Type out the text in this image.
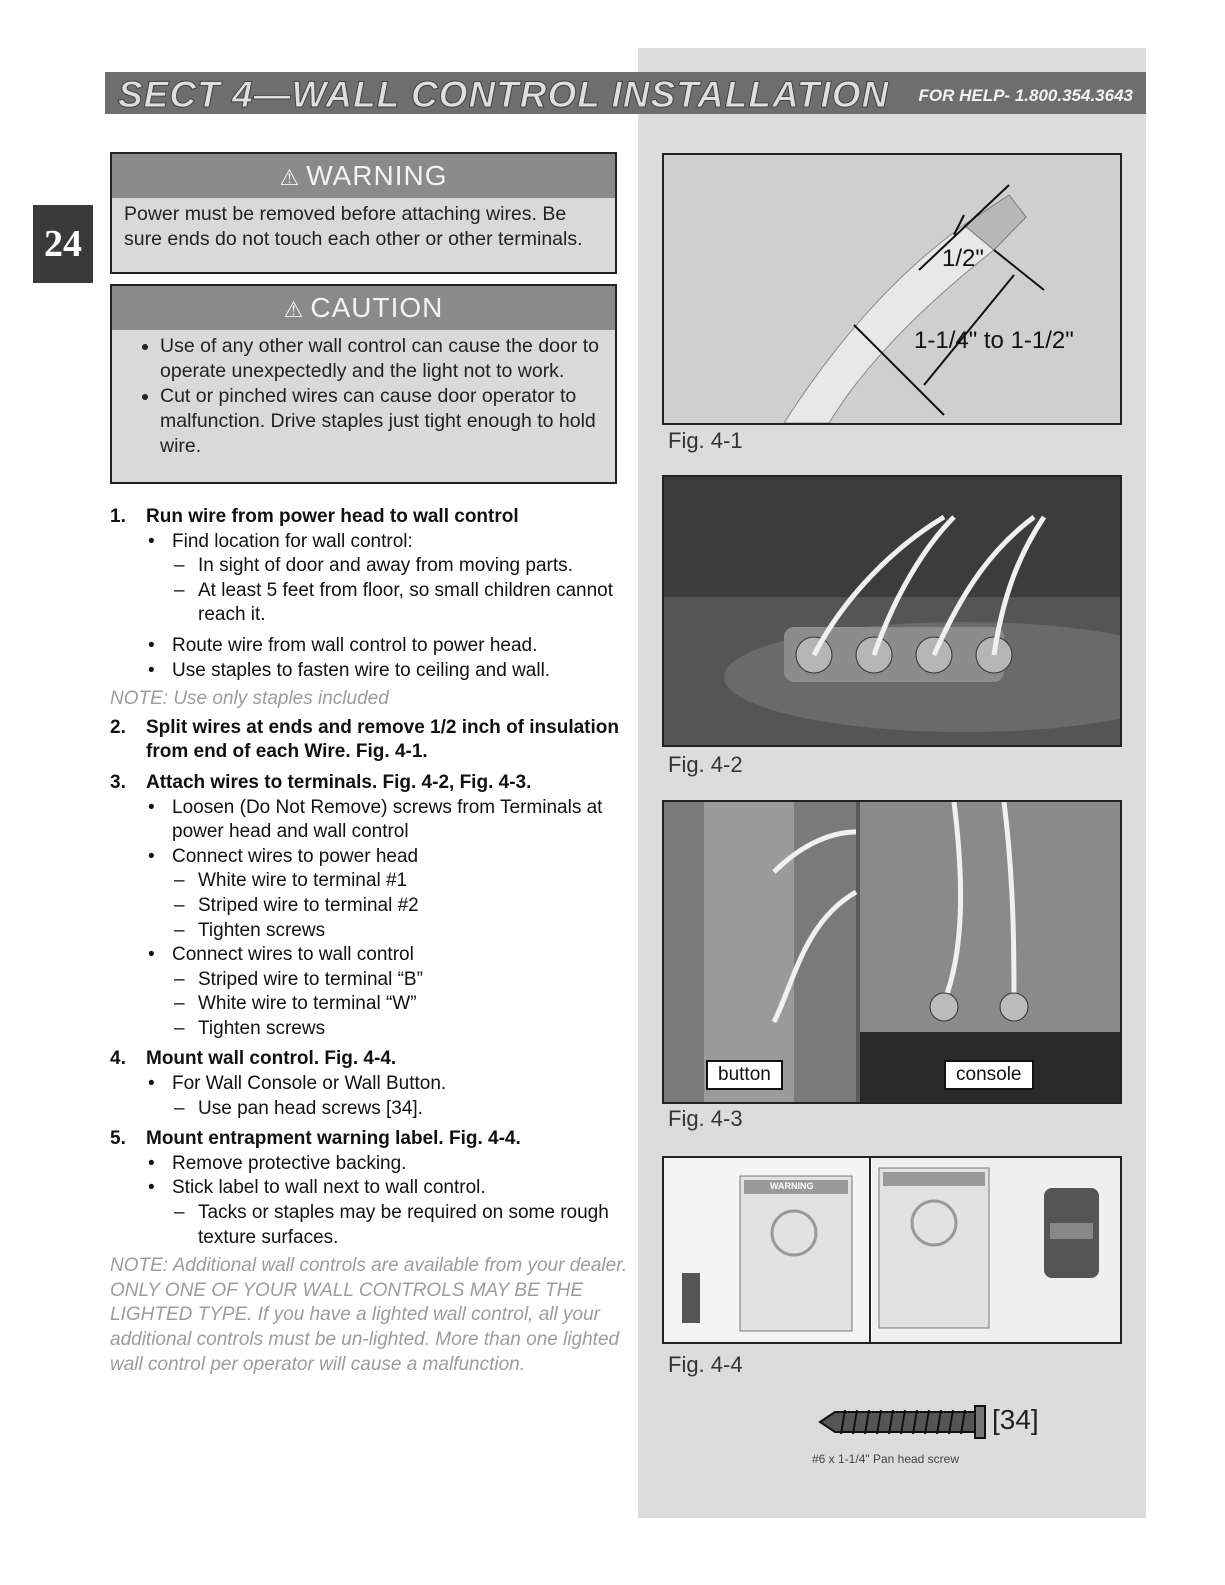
SECT 4—WALL CONTROL INSTALLATION FOR HELP- 1.800.354.3643
24
⚠ WARNING
Power must be removed before attaching wires. Be sure ends do not touch each other or other terminals.
⚠ CAUTION
• Use of any other wall control can cause the door to operate unexpectedly and the light not to work.
• Cut or pinched wires can cause door operator to malfunction. Drive staples just tight enough to hold wire.
1.	Run wire from power head to wall control
• Find location for wall control:
– In sight of door and away from moving parts.
– At least 5 feet from floor, so small children cannot reach it.
• Route wire from wall control to power head.
• Use staples to fasten wire to ceiling and wall.
NOTE: Use only staples included
2.	Split wires at ends and remove 1/2 inch of insulation from end of each Wire. Fig. 4-1.
3.	Attach wires to terminals. Fig. 4-2, Fig. 4-3.
• Loosen (Do Not Remove) screws from Terminals at power head and wall control
• Connect wires to power head
– White wire to terminal #1
– Striped wire to terminal #2
– Tighten screws
• Connect wires to wall control
– Striped wire to terminal “B”
– White wire to terminal “W”
– Tighten screws
4.	Mount wall control. Fig. 4-4.
• For Wall Console or Wall Button.
– Use pan head screws [34].
5.	Mount entrapment warning label. Fig. 4-4.
• Remove protective backing.
• Stick label to wall next to wall control.
– Tacks or staples may be required on some rough texture surfaces.
NOTE: Additional wall controls are available from your dealer. ONLY ONE OF YOUR WALL CONTROLS MAY BE THE LIGHTED TYPE. If you have a lighted wall control, all your additional controls must be un-lighted. More than one lighted wall control per operator will cause a malfunction.
1/2"
1-1/4" to 1-1/2"
Fig. 4-1
Fig. 4-2
button	console
Fig. 4-3
WARNING
Fig. 4-4
[34]
#6 x 1-1/4" Pan head screw
